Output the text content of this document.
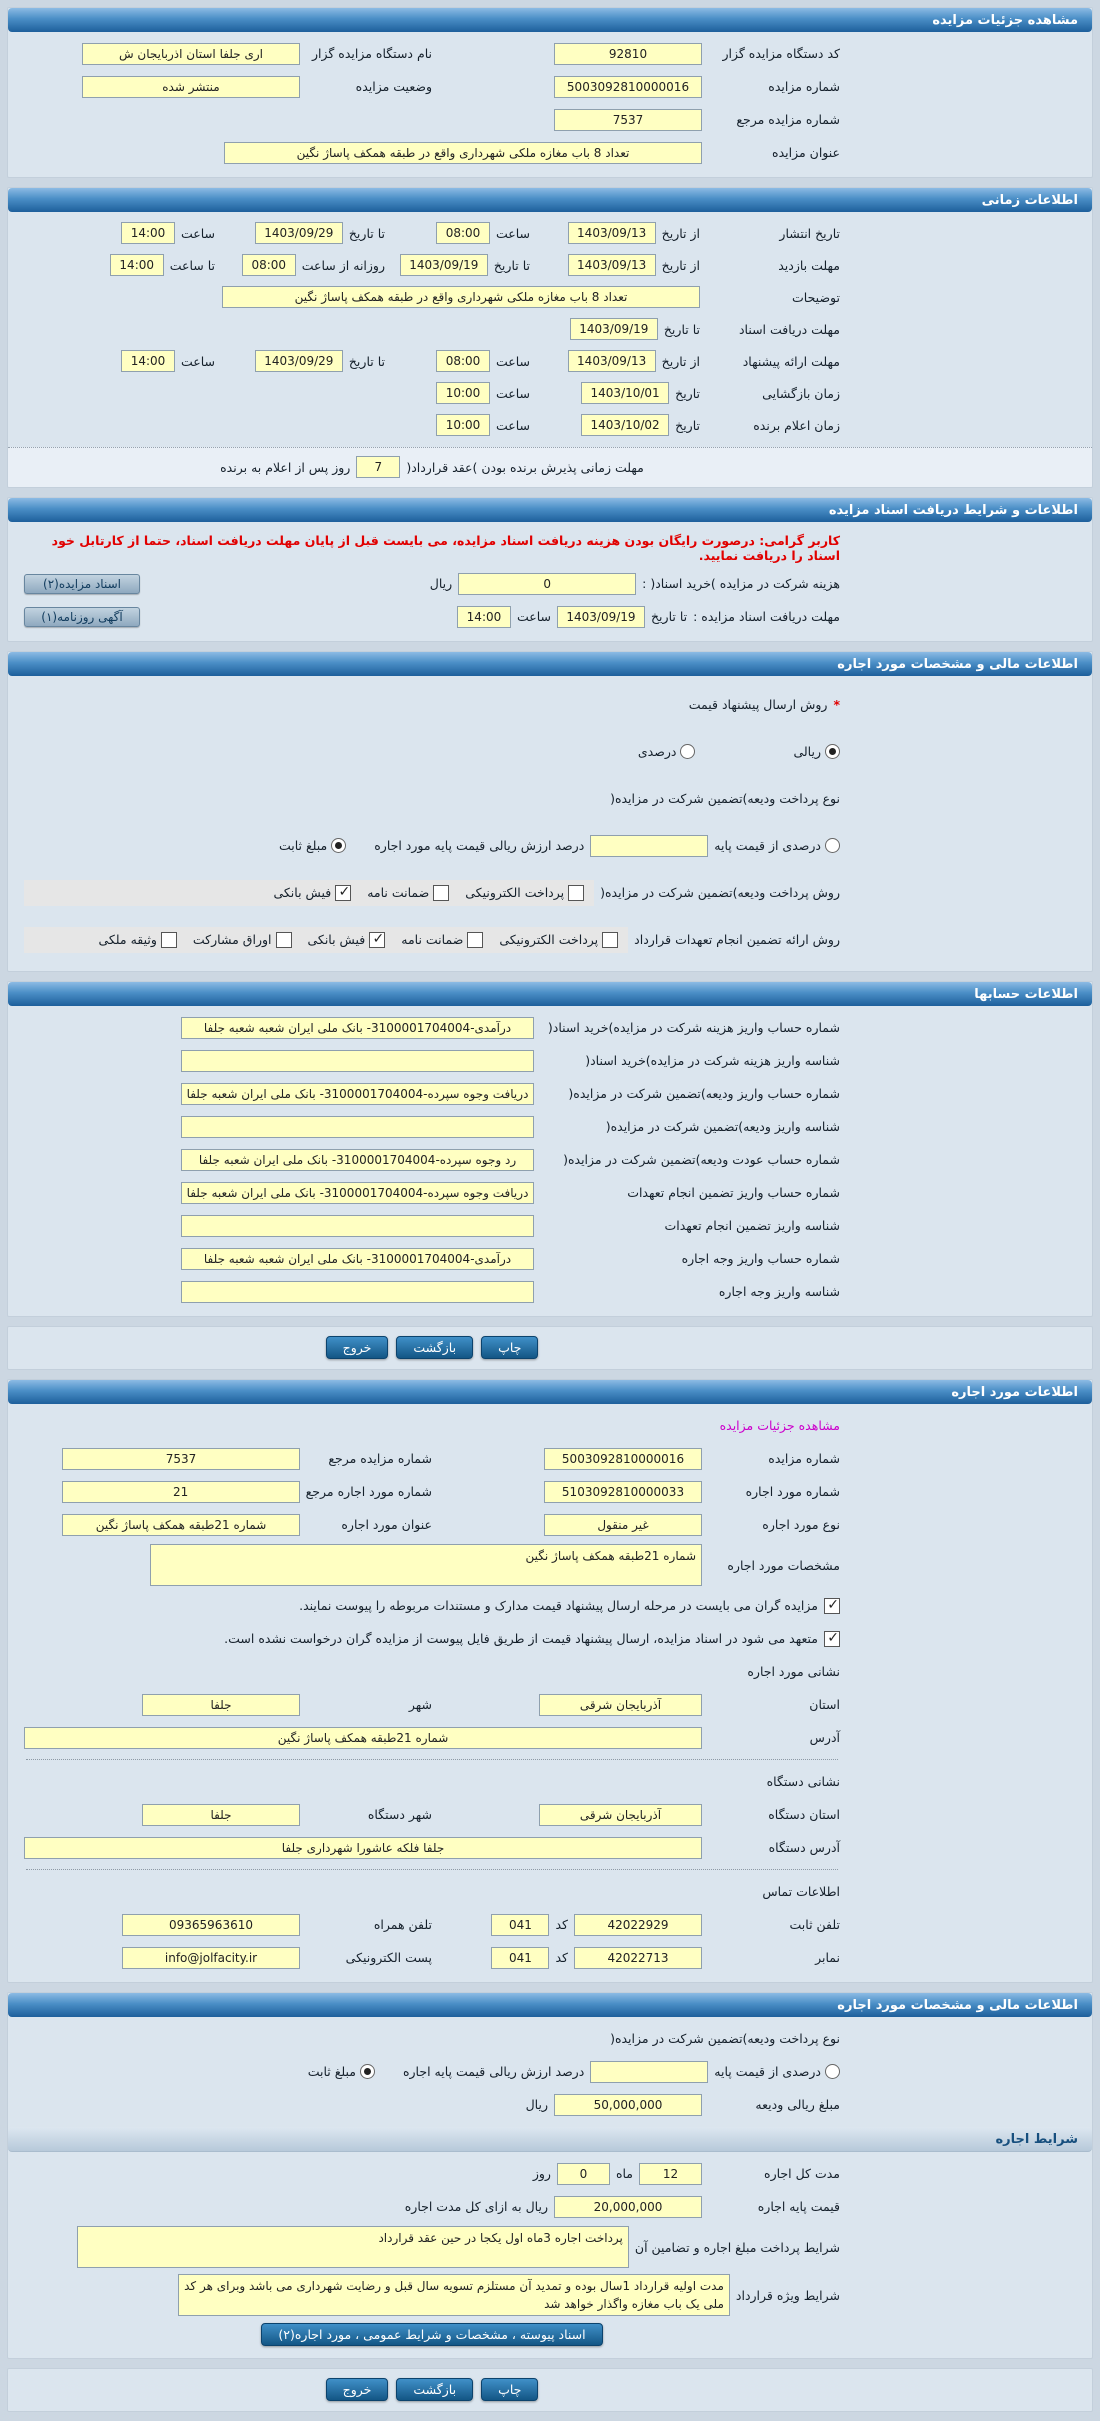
مشاهده جزئیات مزایده
کد دستگاه مزایده گزار
92810
نام دستگاه مزایده گزار
اری جلفا استان اذربایجان ش
شماره مزایده
5003092810000016
وضعیت مزایده
منتشر شده
شماره مزایده مرجع
7537
عنوان مزایده
تعداد 8 باب مغازه ملکی شهرداری واقع در طبقه همکف پاساژ نگین
اطلاعات زمانی
تاریخ انتشار
از تاریخ
1403/09/13
ساعت
08:00
تا تاریخ
1403/09/29
ساعت
14:00
مهلت بازدید
از تاریخ
1403/09/13
تا تاریخ
1403/09/19
روزانه از ساعت
08:00
تا ساعت
14:00
توضیحات
تعداد 8 باب مغازه ملکی شهرداری واقع در طبقه همکف پاساژ نگین
مهلت دریافت اسناد
تا تاریخ
1403/09/19
مهلت ارائه پیشنهاد
از تاریخ
1403/09/13
ساعت
08:00
تا تاریخ
1403/09/29
ساعت
14:00
زمان بازگشایی
تاریخ
1403/10/01
ساعت
10:00
زمان اعلام برنده
تاریخ
1403/10/02
ساعت
10:00
مهلت زمانی پذیرش برنده بودن )عقد قرارداد(
7
روز پس از اعلام به برنده
اطلاعات و شرایط دریافت اسناد مزایده
کاربر گرامی: درصورت رایگان بودن هزینه دریافت اسناد مزایده، می بایست قبل از پایان مهلت دریافت اسناد، حتما از کارتابل خود اسناد را دریافت نمایید.
هزینه شرکت در مزایده )خرید اسناد( :
0
ریال
اسناد مزایده(۲)
مهلت دریافت اسناد مزایده :
تا تاریخ
1403/09/19
ساعت
14:00
آگهی روزنامه(۱)
اطلاعات مالی و مشخصات مورد اجاره
*
روش ارسال پیشنهاد قیمت
ریالی
درصدی
نوع پرداخت ودیعه)تضمین شرکت در مزایده(
درصدی از قیمت پایه
درصد ارزش ریالی قیمت پایه مورد اجاره
مبلغ ثابت
روش پرداخت ودیعه)تضمین شرکت در مزایده(
پرداخت الکترونیکی
ضمانت نامه
✓
فیش بانکی
روش ارائه تضمین انجام تعهدات قرارداد
پرداخت الکترونیکی
ضمانت نامه
✓
فیش بانکی
اوراق مشارکت
وثیقه ملکی
اطلاعات حسابها
شماره حساب واریز هزینه شرکت در مزایده)خرید اسناد(
درآمدی-3100001704004- بانک ملی ایران شعبه شعبه جلفا
شناسه واریز هزینه شرکت در مزایده)خرید اسناد(
شماره حساب واریز ودیعه)تضمین شرکت در مزایده(
دریافت وجوه سپرده-3100001704004- بانک ملی ایران شعبه جلفا
شناسه واریز ودیعه)تضمین شرکت در مزایده(
شماره حساب عودت ودیعه)تضمین شرکت در مزایده(
رد وجوه سپرده-3100001704004- بانک ملی ایران شعبه جلفا
شماره حساب واریز تضمین انجام تعهدات
دریافت وجوه سپرده-3100001704004- بانک ملی ایران شعبه جلفا
شناسه واریز تضمین انجام تعهدات
شماره حساب واریز وجه اجاره
درآمدی-3100001704004- بانک ملی ایران شعبه شعبه جلفا
شناسه واریز وجه اجاره
چاپ
بازگشت
خروج
اطلاعات مورد اجاره
مشاهده جزئیات مزایده
شماره مزایده
5003092810000016
شماره مزایده مرجع
7537
شماره مورد اجاره
5103092810000033
شماره مورد اجاره مرجع
21
نوع مورد اجاره
غیر منقول
عنوان مورد اجاره
شماره 21طبقه همکف پاساژ نگین
مشخصات مورد اجاره
شماره 21طبقه همکف پاساژ نگین
✓
مزایده گران می بایست در مرحله ارسال پیشنهاد قیمت مدارک و مستندات مربوطه را پیوست نمایند.
✓
متعهد می شود در اسناد مزایده، ارسال پیشنهاد قیمت از طریق فایل پیوست از مزایده گران درخواست نشده است.
نشانی مورد اجاره
استان
آذربایجان شرقی
شهر
جلفا
آدرس
شماره 21طبقه همکف پاساژ نگین
نشانی دستگاه
استان دستگاه
آذربایجان شرقی
شهر دستگاه
جلفا
آدرس دستگاه
جلفا فلکه عاشورا شهرداری جلفا
اطلاعات تماس
تلفن ثابت
42022929
کد
041
تلفن همراه
09365963610
نمابر
42022713
کد
041
پست الکترونیکی
info@jolfacity.ir
اطلاعات مالی و مشخصات مورد اجاره
نوع پرداخت ودیعه)تضمین شرکت در مزایده(
درصدی از قیمت پایه
درصد ارزش ریالی قیمت پایه اجاره
مبلغ ثابت
مبلغ ریالی ودیعه
50,000,000
ریال
شرایط اجاره
مدت کل اجاره
12
ماه
0
روز
قیمت پایه اجاره
20,000,000
ریال به ازای کل مدت اجاره
شرایط پرداخت مبلغ اجاره و تضامین آن
پرداخت اجاره 3ماه اول یکجا در حین عقد قرارداد
شرایط ویژه قرارداد
مدت اولیه قرارداد 1سال بوده و تمدید آن مستلزم تسویه سال قبل و رضایت شهرداری می باشد وبرای هر کد ملی یک باب مغازه واگذار خواهد شد
اسناد پیوسته ، مشخصات و شرایط عمومی ، مورد اجاره(۲)
چاپ
بازگشت
خروج
